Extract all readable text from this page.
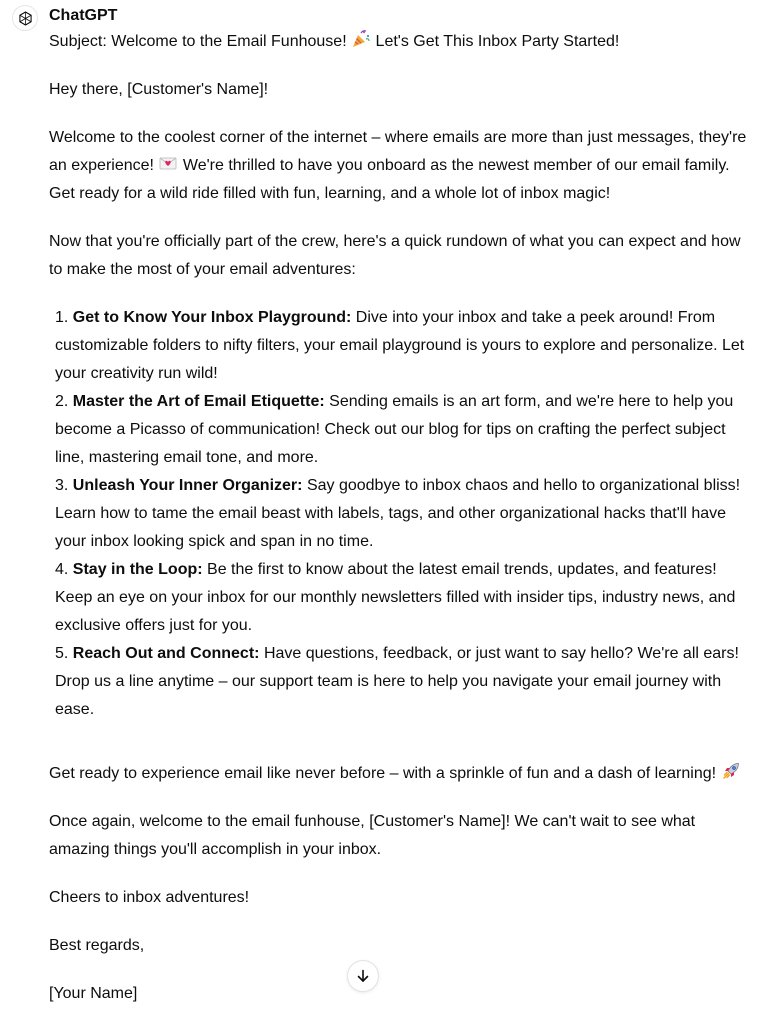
ChatGPT

Subject: Welcome to the Email Funhouse! Let's Get This Inbox Party Started!

Hey there, [Customer's Name]!

Welcome to the coolest corner of the internet – where emails are more than just messages, they're an experience! We're thrilled to have you onboard as the newest member of our email family. Get ready for a wild ride filled with fun, learning, and a whole lot of inbox magic!

Now that you're officially part of the crew, here's a quick rundown of what you can expect and how to make the most of your email adventures:

1. Get to Know Your Inbox Playground: Dive into your inbox and take a peek around! From customizable folders to nifty filters, your email playground is yours to explore and personalize. Let your creativity run wild!
2. Master the Art of Email Etiquette: Sending emails is an art form, and we're here to help you become a Picasso of communication! Check out our blog for tips on crafting the perfect subject line, mastering email tone, and more.
3. Unleash Your Inner Organizer: Say goodbye to inbox chaos and hello to organizational bliss! Learn how to tame the email beast with labels, tags, and other organizational hacks that'll have your inbox looking spick and span in no time.
4. Stay in the Loop: Be the first to know about the latest email trends, updates, and features! Keep an eye on your inbox for our monthly newsletters filled with insider tips, industry news, and exclusive offers just for you.
5. Reach Out and Connect: Have questions, feedback, or just want to say hello? We're all ears! Drop us a line anytime – our support team is here to help you navigate your email journey with ease.

Get ready to experience email like never before – with a sprinkle of fun and a dash of learning!

Once again, welcome to the email funhouse, [Customer's Name]! We can't wait to see what amazing things you'll accomplish in your inbox.

Cheers to inbox adventures!

Best regards,

[Your Name]
